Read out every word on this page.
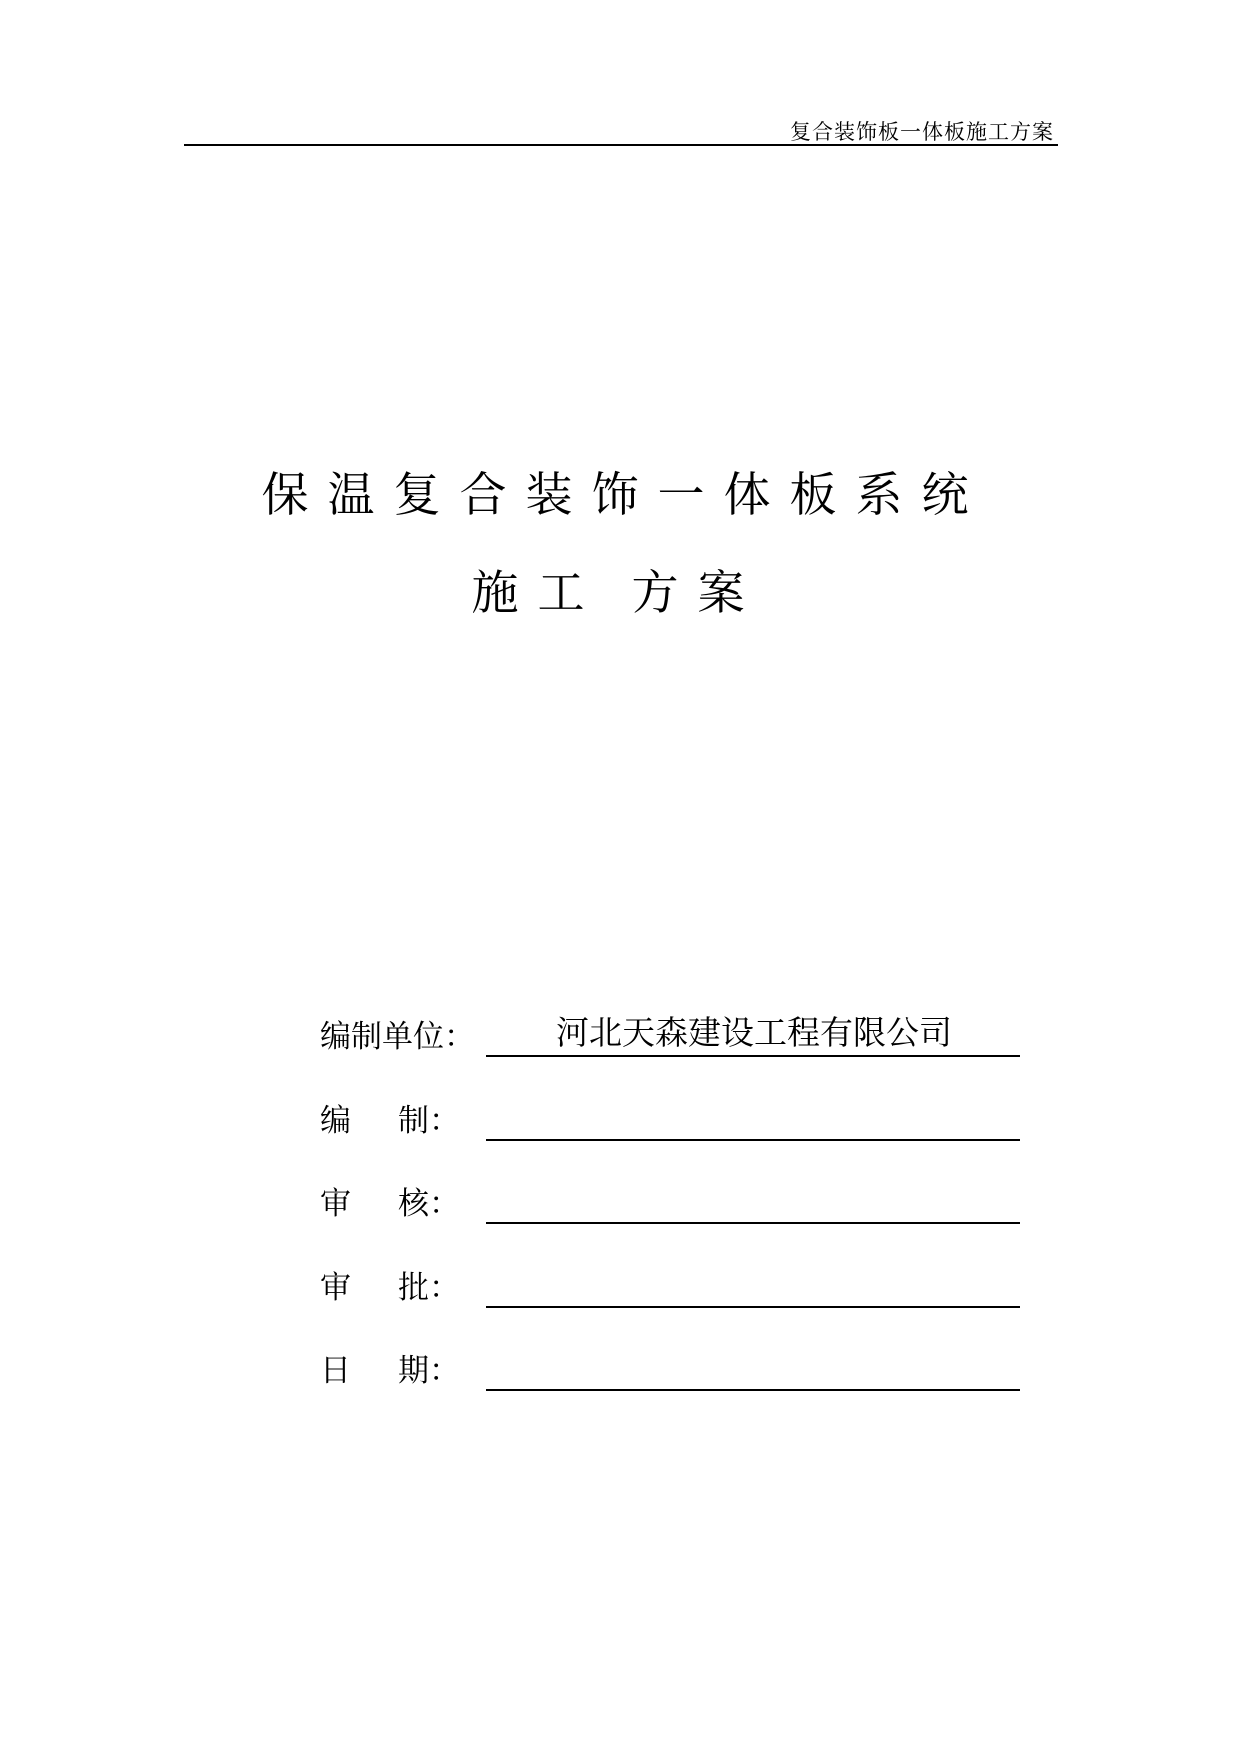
复合装饰板一体板施工方案
保温复合装饰一体板系统
施工 方案
编制单位： 河北天森建设工程有限公司
编 制：
审 核：
审 批：
日 期：
